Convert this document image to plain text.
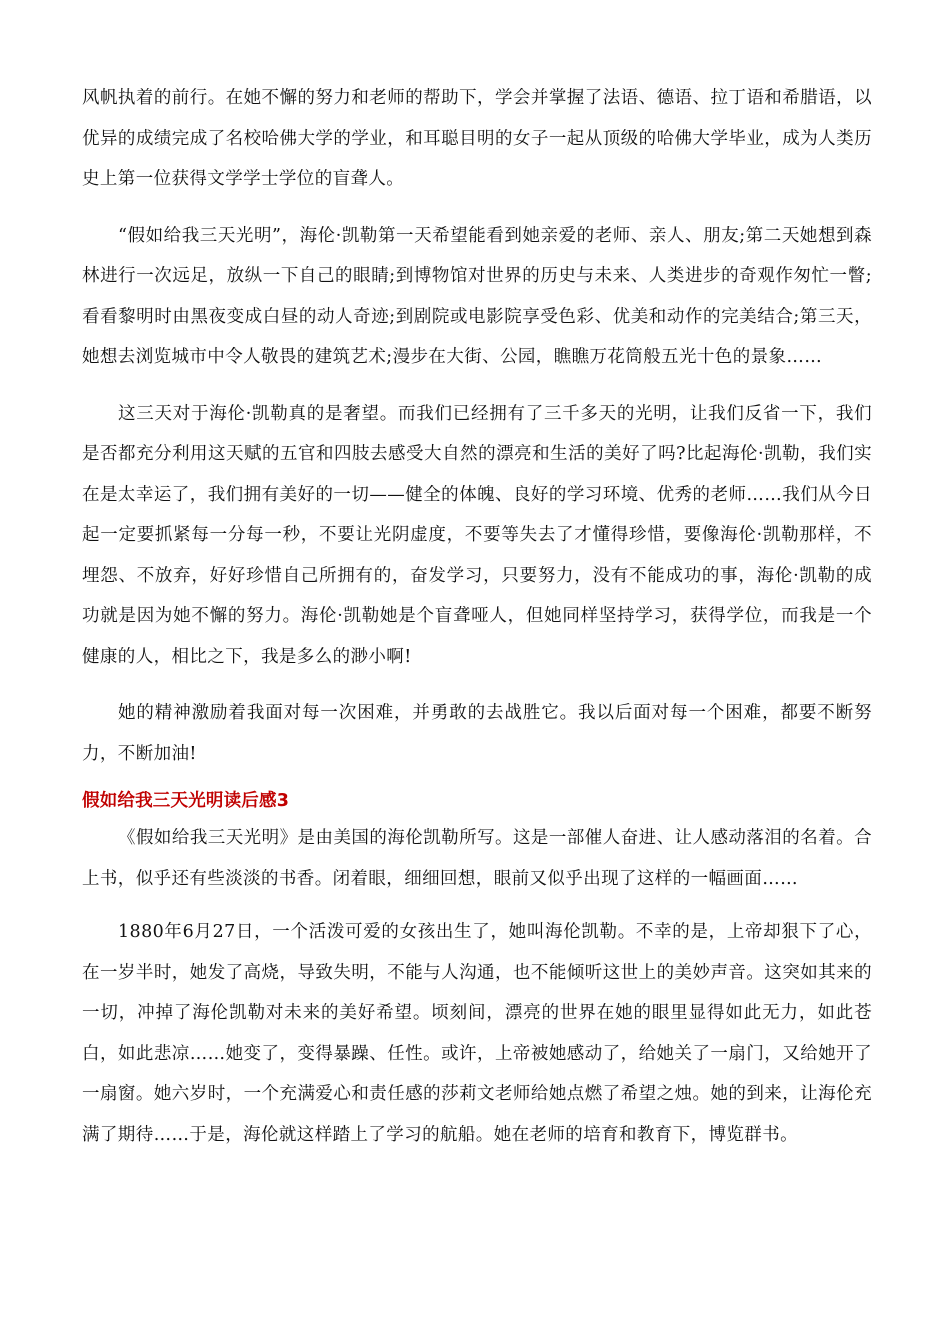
风帆执着的前行。在她不懈的努力和老师的帮助下，学会并掌握了法语、德语、拉丁语和希腊语，以优异的成绩完成了名校哈佛大学的学业，和耳聪目明的女子一起从顶级的哈佛大学毕业，成为人类历史上第一位获得文学学士学位的盲聋人。

“假如给我三天光明”，海伦·凯勒第一天希望能看到她亲爱的老师、亲人、朋友;第二天她想到森林进行一次远足，放纵一下自己的眼睛;到博物馆对世界的历史与未来、人类进步的奇观作匆忙一瞥;看看黎明时由黑夜变成白昼的动人奇迹;到剧院或电影院享受色彩、优美和动作的完美结合;第三天，她想去浏览城市中令人敬畏的建筑艺术;漫步在大街、公园，瞧瞧万花筒般五光十色的景象……

这三天对于海伦·凯勒真的是奢望。而我们已经拥有了三千多天的光明，让我们反省一下，我们是否都充分利用这天赋的五官和四肢去感受大自然的漂亮和生活的美好了吗?比起海伦·凯勒，我们实在是太幸运了，我们拥有美好的一切——健全的体魄、良好的学习环境、优秀的老师……我们从今日起一定要抓紧每一分每一秒，不要让光阴虚度，不要等失去了才懂得珍惜，要像海伦·凯勒那样，不埋怨、不放弃，好好珍惜自己所拥有的，奋发学习，只要努力，没有不能成功的事，海伦·凯勒的成功就是因为她不懈的努力。海伦·凯勒她是个盲聋哑人，但她同样坚持学习，获得学位，而我是一个健康的人，相比之下，我是多么的渺小啊!

她的精神激励着我面对每一次困难，并勇敢的去战胜它。我以后面对每一个困难，都要不断努力，不断加油!

假如给我三天光明读后感3

《假如给我三天光明》是由美国的海伦凯勒所写。这是一部催人奋进、让人感动落泪的名着。合上书，似乎还有些淡淡的书香。闭着眼，细细回想，眼前又似乎出现了这样的一幅画面……

1880年6月27日，一个活泼可爱的女孩出生了，她叫海伦凯勒。不幸的是，上帝却狠下了心，在一岁半时，她发了高烧，导致失明，不能与人沟通，也不能倾听这世上的美妙声音。这突如其来的一切，冲掉了海伦凯勒对未来的美好希望。顷刻间，漂亮的世界在她的眼里显得如此无力，如此苍白，如此悲凉……她变了，变得暴躁、任性。或许，上帝被她感动了，给她关了一扇门，又给她开了一扇窗。她六岁时，一个充满爱心和责任感的莎莉文老师给她点燃了希望之烛。她的到来，让海伦充满了期待……于是，海伦就这样踏上了学习的航船。她在老师的培育和教育下，博览群书。
